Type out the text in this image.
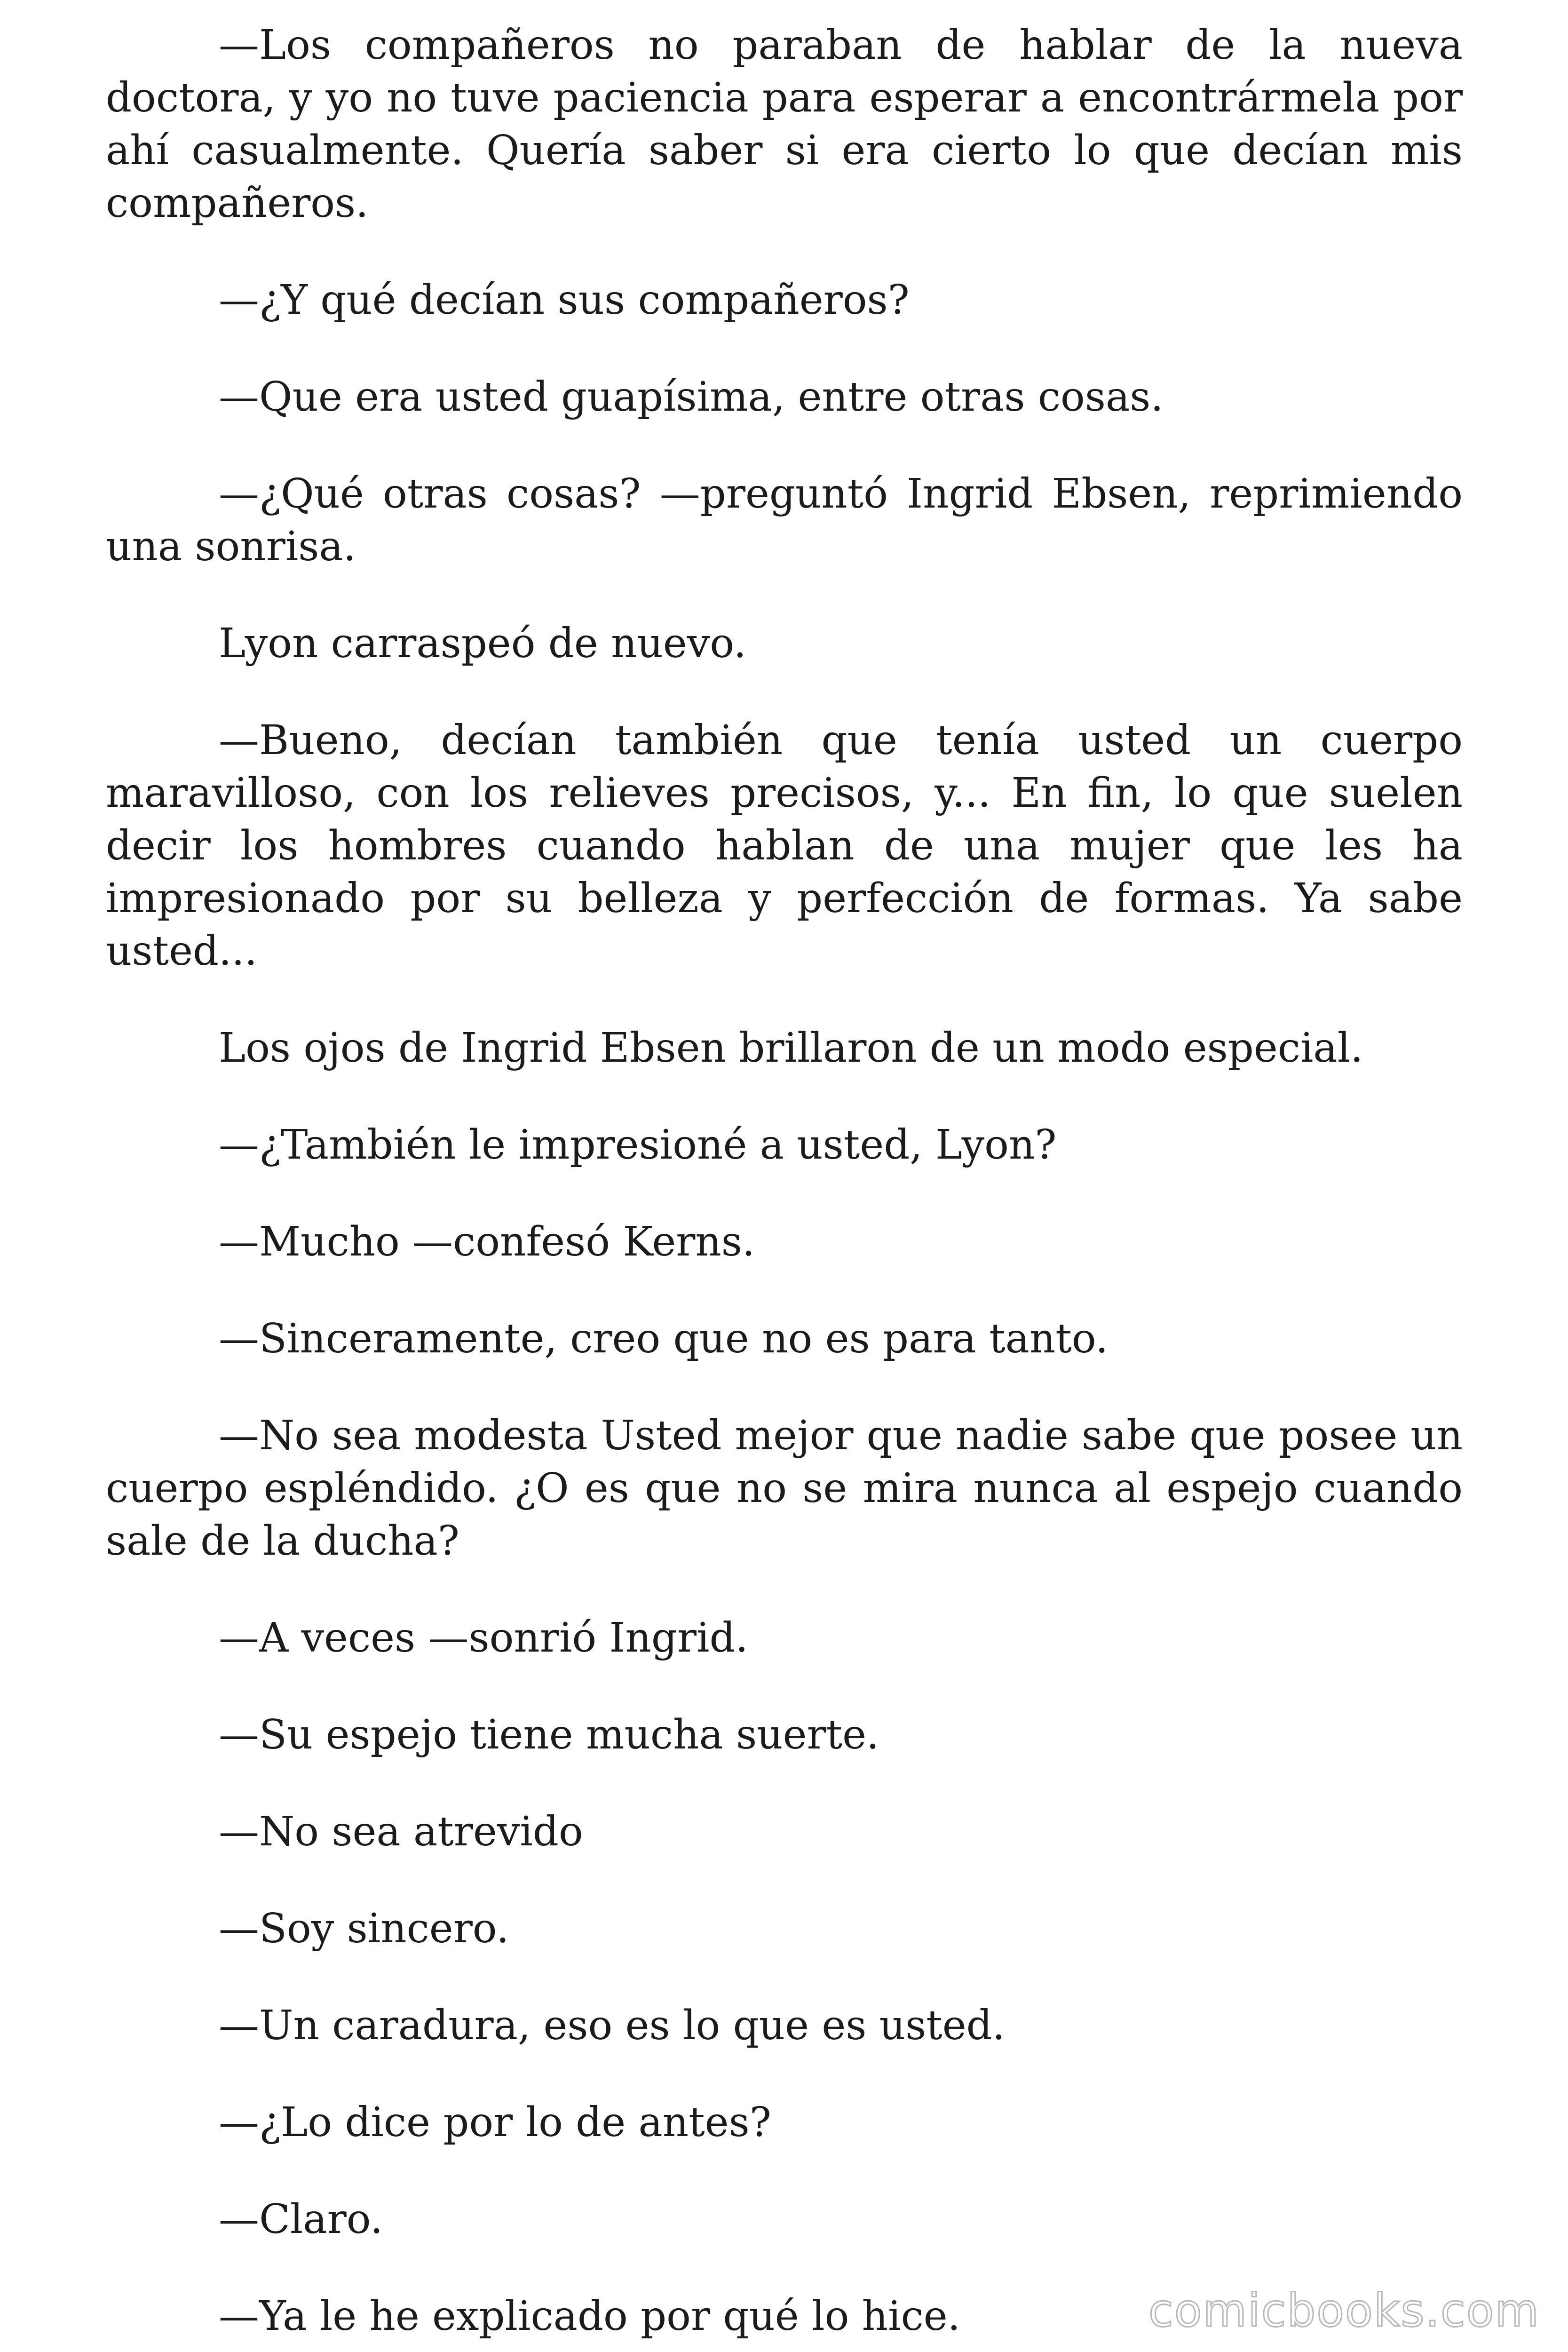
—Los compañeros no paraban de hablar de la nueva doctora, y yo no tuve paciencia para esperar a encontrármela por ahí casualmente. Quería saber si era cierto lo que decían mis compañeros.

—¿Y qué decían sus compañeros?

—Que era usted guapísima, entre otras cosas.

—¿Qué otras cosas? —preguntó Ingrid Ebsen, reprimiendo una sonrisa.

Lyon carraspeó de nuevo.

—Bueno, decían también que tenía usted un cuerpo maravilloso, con los relieves precisos, y... En fin, lo que suelen decir los hombres cuando hablan de una mujer que les ha impresionado por su belleza y perfección de formas. Ya sabe usted...

Los ojos de Ingrid Ebsen brillaron de un modo especial.

—¿También le impresioné a usted, Lyon?

—Mucho —confesó Kerns.

—Sinceramente, creo que no es para tanto.

—No sea modesta Usted mejor que nadie sabe que posee un cuerpo espléndido. ¿O es que no se mira nunca al espejo cuando sale de la ducha?

—A veces —sonrió Ingrid.

—Su espejo tiene mucha suerte.

—No sea atrevido

—Soy sincero.

—Un caradura, eso es lo que es usted.

—¿Lo dice por lo de antes?

—Claro.

—Ya le he explicado por qué lo hice.	comicbooks.com
